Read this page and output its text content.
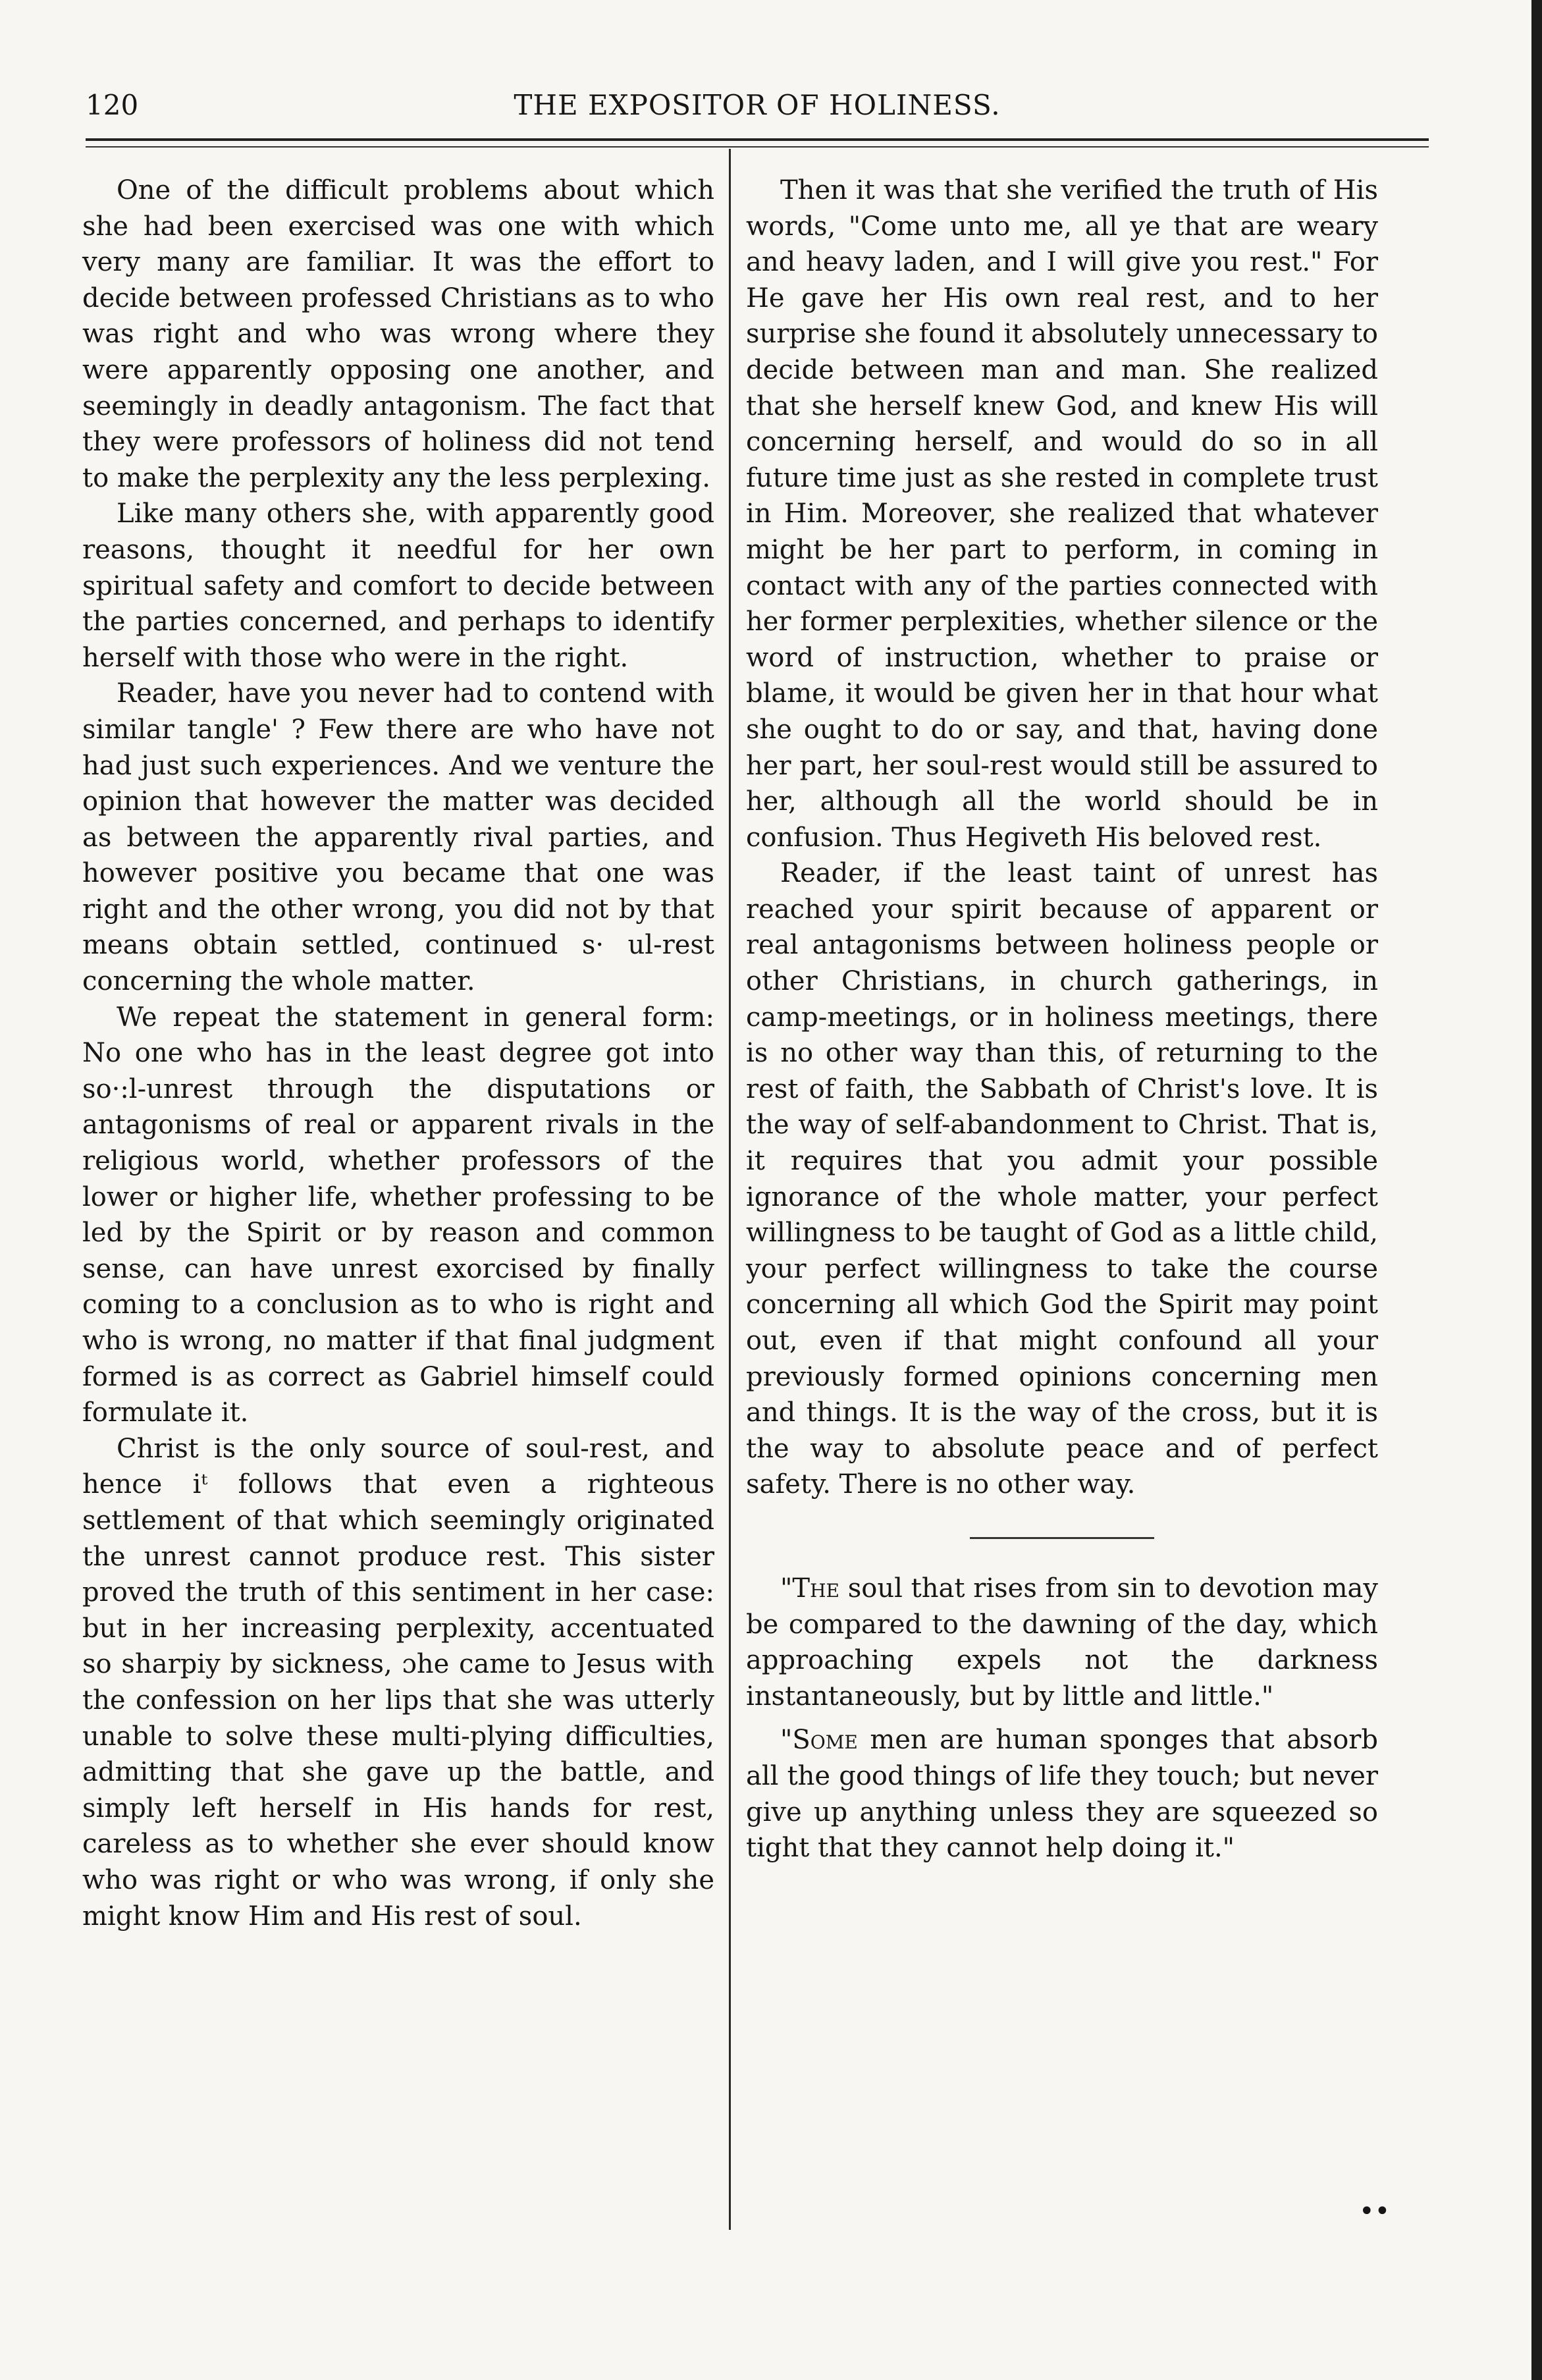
120	THE EXPOSITOR OF HOLINESS.

One of the difficult problems about which she had been exercised was one with which very many are familiar. It was the effort to decide between professed Christians as to who was right and who was wrong where they were apparently opposing one another, and seemingly in deadly antagonism. The fact that they were professors of holiness did not tend to make the perplexity any the less perplexing.

Like many others she, with apparently good reasons, thought it needful for her own spiritual safety and comfort to decide between the parties concerned, and perhaps to identify herself with those who were in the right.

Reader, have you never had to contend with similar tangle' ? Few there are who have not had just such experiences. And we venture the opinion that however the matter was decided as between the apparently rival parties, and however positive you became that one was right and the other wrong, you did not by that means obtain settled, continued s· ul-rest concerning the whole matter.

We repeat the statement in general form: No one who has in the least degree got into so·:l-unrest through the disputations or antagonisms of real or apparent rivals in the religious world, whether professors of the lower or higher life, whether professing to be led by the Spirit or by reason and common sense, can have unrest exorcised by finally coming to a conclusion as to who is right and who is wrong, no matter if that final judgment formed is as correct as Gabriel himself could formulate it.

Christ is the only source of soul-rest, and hence iᵗ follows that even a righteous settlement of that which seemingly originated the unrest cannot produce rest. This sister proved the truth of this sentiment in her case: but in her increasing perplexity, accentuated so sharpiy by sickness, ɔhe came to Jesus with the confession on her lips that she was utterly unable to solve these multi-plying difficulties, admitting that she gave up the battle, and simply left herself in His hands for rest, careless as to whether she ever should know who was right or who was wrong, if only she might know Him and His rest of soul.

Then it was that she verified the truth of His words, "Come unto me, all ye that are weary and heavy laden, and I will give you rest." For He gave her His own real rest, and to her surprise she found it absolutely unnecessary to decide between man and man. She realized that she herself knew God, and knew His will concerning herself, and would do so in all future time just as she rested in complete trust in Him. Moreover, she realized that whatever might be her part to perform, in coming in contact with any of the parties connected with her former perplexities, whether silence or the word of instruction, whether to praise or blame, it would be given her in that hour what she ought to do or say, and that, having done her part, her soul-rest would still be assured to her, although all the world should be in confusion. Thus Hegiveth His beloved rest.

Reader, if the least taint of unrest has reached your spirit because of apparent or real antagonisms between holiness people or other Christians, in church gatherings, in camp-meetings, or in holiness meetings, there is no other way than this, of returning to the rest of faith, the Sabbath of Christ's love. It is the way of self-abandonment to Christ. That is, it requires that you admit your possible ignorance of the whole matter, your perfect willingness to be taught of God as a little child, your perfect willingness to take the course concerning all which God the Spirit may point out, even if that might confound all your previously formed opinions concerning men and things. It is the way of the cross, but it is the way to absolute peace and of perfect safety. There is no other way.

"The soul that rises from sin to devotion may be compared to the dawning of the day, which approaching expels not the darkness instantaneously, but by little and little."

"Some men are human sponges that absorb all the good things of life they touch; but never give up anything unless they are squeezed so tight that they cannot help doing it."

••
